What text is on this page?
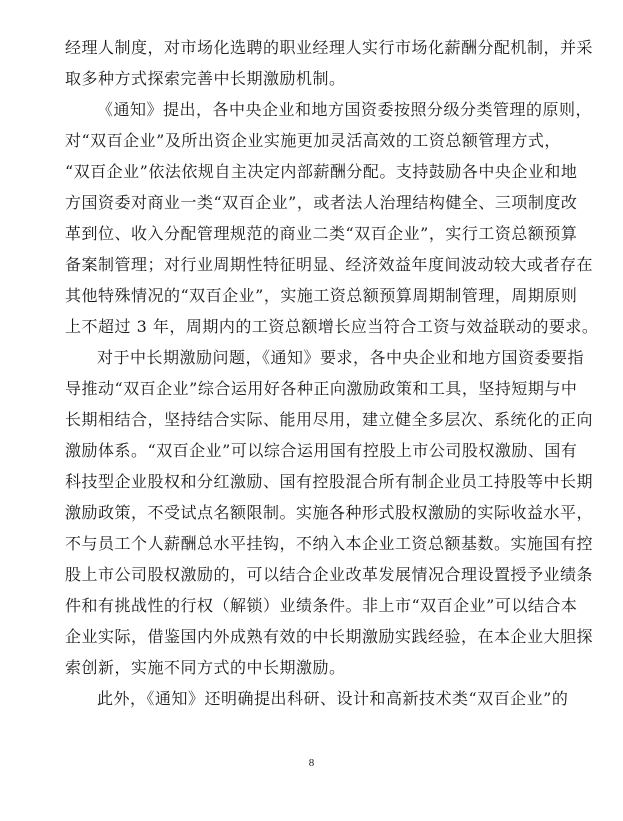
经理人制度，对市场化选聘的职业经理人实行市场化薪酬分配机制，并采
取多种方式探索完善中长期激励机制。
《通知》提出，各中央企业和地方国资委按照分级分类管理的原则，
对“双百企业”及所出资企业实施更加灵活高效的工资总额管理方式，
“双百企业”依法依规自主决定内部薪酬分配。支持鼓励各中央企业和地
方国资委对商业一类“双百企业”，或者法人治理结构健全、三项制度改
革到位、收入分配管理规范的商业二类“双百企业”，实行工资总额预算
备案制管理；对行业周期性特征明显、经济效益年度间波动较大或者存在
其他特殊情况的“双百企业”，实施工资总额预算周期制管理，周期原则
上不超过 3 年，周期内的工资总额增长应当符合工资与效益联动的要求。
对于中长期激励问题，《通知》要求，各中央企业和地方国资委要指
导推动“双百企业”综合运用好各种正向激励政策和工具，坚持短期与中
长期相结合，坚持结合实际、能用尽用，建立健全多层次、系统化的正向
激励体系。“双百企业”可以综合运用国有控股上市公司股权激励、国有
科技型企业股权和分红激励、国有控股混合所有制企业员工持股等中长期
激励政策，不受试点名额限制。实施各种形式股权激励的实际收益水平，
不与员工个人薪酬总水平挂钩，不纳入本企业工资总额基数。实施国有控
股上市公司股权激励的，可以结合企业改革发展情况合理设置授予业绩条
件和有挑战性的行权（解锁）业绩条件。非上市“双百企业”可以结合本
企业实际，借鉴国内外成熟有效的中长期激励实践经验，在本企业大胆探
索创新，实施不同方式的中长期激励。
此外，《通知》还明确提出科研、设计和高新技术类“双百企业”的
8
